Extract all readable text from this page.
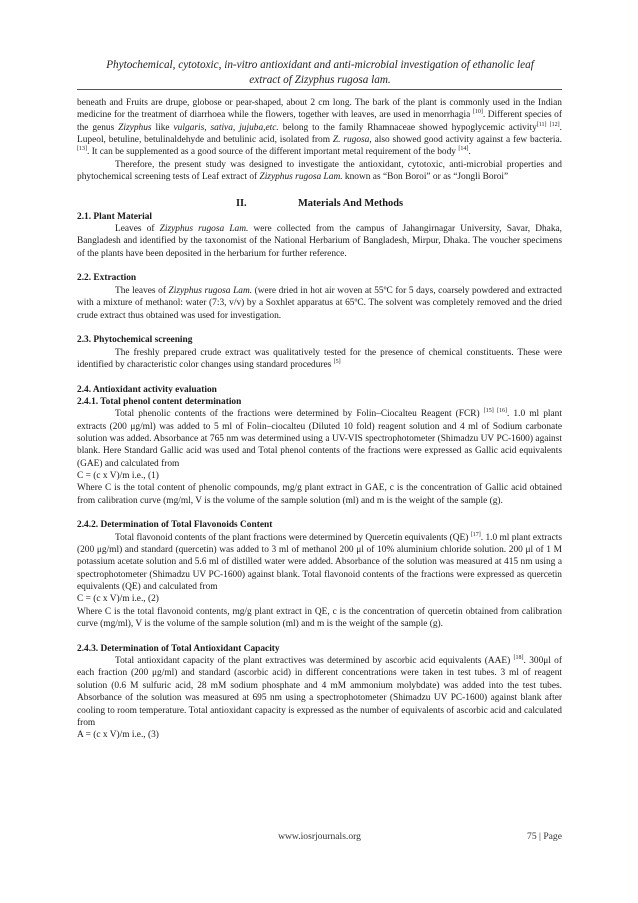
Phytochemical, cytotoxic, in-vitro antioxidant and anti-microbial investigation of ethanolic leaf
extract of Zizyphus rugosa lam.

beneath and Fruits are drupe, globose or pear-shaped, about 2 cm long. The bark of the plant is commonly used in the Indian medicine for the treatment of diarrhoea while the flowers, together with leaves, are used in menorrhagia [10]. Different species of the genus Zizyphus like vulgaris, sativa, jujuba,etc. belong to the family Rhamnaceae showed hypoglycemic activity[11] [12]. Lupeol, betuline, betulinaldehyde and betulinic acid, isolated from Z. rugosa, also showed good activity against a few bacteria. [13]. It can be supplemented as a good source of the different important metal requirement of the body [14].

Therefore, the present study was designed to investigate the antioxidant, cytotoxic, anti-microbial properties and phytochemical screening tests of Leaf extract of Zizyphus rugosa Lam. known as “Bon Boroi” or as “Jongli Boroi”

II.	Materials And Methods

2.1. Plant Material

Leaves of Zizyphus rugosa Lam. were collected from the campus of Jahangirnagar University, Savar, Dhaka, Bangladesh and identified by the taxonomist of the National Herbarium of Bangladesh, Mirpur, Dhaka. The voucher specimens of the plants have been deposited in the herbarium for further reference.

2.2. Extraction

The leaves of Zizyphus rugosa Lam. (were dried in hot air woven at 55ºC for 5 days, coarsely powdered and extracted with a mixture of methanol: water (7:3, v/v) by a Soxhlet apparatus at 65ºC. The solvent was completely removed and the dried crude extract thus obtained was used for investigation.

2.3. Phytochemical screening

The freshly prepared crude extract was qualitatively tested for the presence of chemical constituents. These were identified by characteristic color changes using standard procedures [5]

2.4. Antioxidant activity evaluation
2.4.1. Total phenol content determination

Total phenolic contents of the fractions were determined by Folin–Ciocalteu Reagent (FCR) [15] [16]. 1.0 ml plant extracts (200 μg/ml) was added to 5 ml of Folin–ciocalteu (Diluted 10 fold) reagent solution and 4 ml of Sodium carbonate solution was added. Absorbance at 765 nm was determined using a UV-VIS spectrophotometer (Shimadzu UV PC-1600) against blank. Here Standard Gallic acid was used and Total phenol contents of the fractions were expressed as Gallic acid equivalents (GAE) and calculated from

C = (c x V)/m i.e., (1)

Where C is the total content of phenolic compounds, mg/g plant extract in GAE, c is the concentration of Gallic acid obtained from calibration curve (mg/ml, V is the volume of the sample solution (ml) and m is the weight of the sample (g).

2.4.2. Determination of Total Flavonoids Content

Total flavonoid contents of the plant fractions were determined by Quercetin equivalents (QE) [17]. 1.0 ml plant extracts (200 μg/ml) and standard (quercetin) was added to 3 ml of methanol 200 μl of 10% aluminium chloride solution. 200 μl of 1 M potassium acetate solution and 5.6 ml of distilled water were added. Absorbance of the solution was measured at 415 nm using a spectrophotometer (Shimadzu UV PC-1600) against blank. Total flavonoid contents of the fractions were expressed as quercetin equivalents (QE) and calculated from

C = (c x V)/m i.e., (2)

Where C is the total flavonoid contents, mg/g plant extract in QE, c is the concentration of quercetin obtained from calibration curve (mg/ml), V is the volume of the sample solution (ml) and m is the weight of the sample (g).

2.4.3. Determination of Total Antioxidant Capacity

Total antioxidant capacity of the plant extractives was determined by ascorbic acid equivalents (AAE) [18]. 300μl of each fraction (200 μg/ml) and standard (ascorbic acid) in different concentrations were taken in test tubes. 3 ml of reagent solution (0.6 M sulfuric acid, 28 mM sodium phosphate and 4 mM ammonium molybdate) was added into the test tubes. Absorbance of the solution was measured at 695 nm using a spectrophotometer (Shimadzu UV PC-1600) against blank after cooling to room temperature. Total antioxidant capacity is expressed as the number of equivalents of ascorbic acid and calculated from

A = (c x V)/m i.e., (3)

www.iosrjournals.org	75 | Page
